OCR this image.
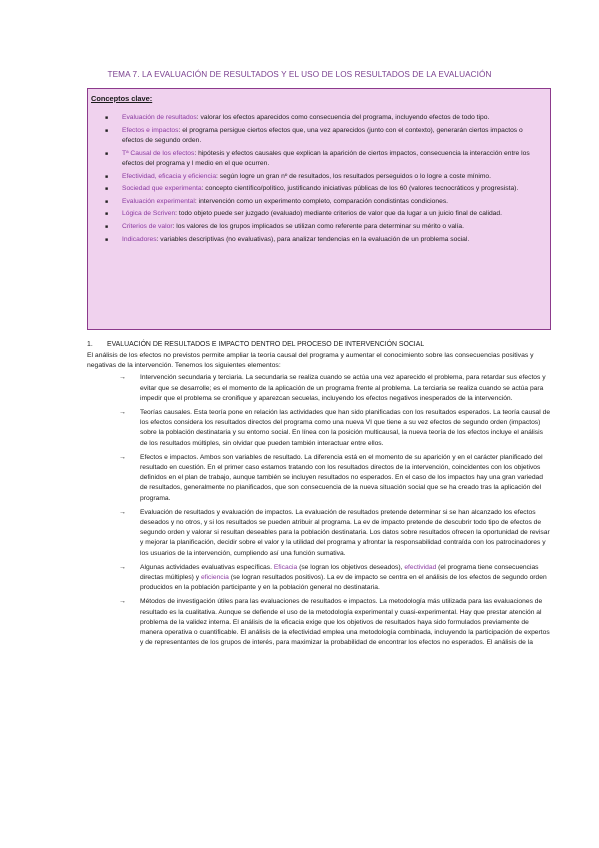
TEMA 7. LA EVALUACIÓN DE RESULTADOS Y EL USO DE LOS RESULTADOS DE LA EVALUACIÓN
Conceptos clave:
■ Evaluación de resultados: valorar los efectos aparecidos como consecuencia del programa, incluyendo efectos de todo tipo.
■ Efectos e impactos: el programa persigue ciertos efectos que, una vez aparecidos (junto con el contexto), generarán ciertos impactos o efectos de segundo orden.
■ Tª Causal de los efectos: hipótesis y efectos causales que explican la aparición de ciertos impactos, consecuencia la interacción entre los efectos del programa y l medio en el que ocurren.
■ Efectividad, eficacia y eficiencia: según logre un gran nº de resultados, los resultados perseguidos o lo logre a coste mínimo.
■ Sociedad que experimenta: concepto científico/político, justificando iniciativas públicas de los 60 (valores tecnocráticos y progresista).
■ Evaluación experimental: intervención como un experimento completo, comparación condistintas condiciones.
■ Lógica de Scriven: todo objeto puede ser juzgado (evaluado) mediante criterios de valor que da lugar a un juicio final de calidad.
■ Criterios de valor: los valores de los grupos implicados se utilizan como referente para determinar su mérito o valía.
■ Indicadores: variables descriptivas (no evaluativas), para analizar tendencias en la evaluación de un problema social.
1. EVALUACIÓN DE RESULTADOS E IMPACTO DENTRO DEL PROCESO DE INTERVENCIÓN SOCIAL
El análisis de los efectos no previstos permite ampliar la teoría causal del programa y aumentar el conocimiento sobre las consecuencias positivas y negativas de la intervención. Tenemos los siguientes elementos:
→ Intervención secundaria y terciaria. La secundaria se realiza cuando se actúa una vez aparecido el problema, para retardar sus efectos y evitar que se desarrolle; es el momento de la aplicación de un programa frente al problema. La terciaria se realiza cuando se actúa para impedir que el problema se cronifique y aparezcan secuelas, incluyendo los efectos negativos inesperados de la intervención.
→ Teorías causales. Esta teoría pone en relación las actividades que han sido planificadas con los resultados esperados. La teoría causal de los efectos considera los resultados directos del programa como una nueva VI que tiene a su vez efectos de segundo orden (impactos) sobre la población destinataria y su entorno social. En línea con la posición multicausal, la nueva teoría de los efectos incluye el análisis de los resultados múltiples, sin olvidar que pueden también interactuar entre ellos.
→ Efectos e impactos. Ambos son variables de resultado. La diferencia está en el momento de su aparición y en el carácter planificado del resultado en cuestión. En el primer caso estamos tratando con los resultados directos de la intervención, coincidentes con los objetivos definidos en el plan de trabajo, aunque también se incluyen resultados no esperados. En el caso de los impactos hay una gran variedad de resultados, generalmente no planificados, que son consecuencia de la nueva situación social que se ha creado tras la aplicación del programa.
→ Evaluación de resultados y evaluación de impactos. La evaluación de resultados pretende determinar si se han alcanzado los efectos deseados y no otros, y si los resultados se pueden atribuir al programa. La ev de impacto pretende de descubrir todo tipo de efectos de segundo orden y valorar si resultan deseables para la población destinataria. Los datos sobre resultados ofrecen la oportunidad de revisar y mejorar la planificación, decidir sobre el valor y la utilidad del programa y afrontar la responsabilidad contraída con los patrocinadores y los usuarios de la intervención, cumpliendo así una función sumativa.
→ Algunas actividades evaluativas específicas. Eficacia (se logran los objetivos deseados), efectividad (el programa tiene consecuencias directas múltiples) y eficiencia (se logran resultados positivos). La ev de impacto se centra en el análisis de los efectos de segundo orden producidos en la población participante y en la población general no destinataria.
→ Métodos de investigación útiles para las evaluaciones de resultados e impactos. La metodología más utilizada para las evaluaciones de resultado es la cualitativa. Aunque se defiende el uso de la metodología experimental y cuasi-experimental. Hay que prestar atención al problema de la validez interna. El análisis de la eficacia exige que los objetivos de resultados haya sido formulados previamente de manera operativa o cuantificable. El análisis de la efectividad emplea una metodología combinada, incluyendo la participación de expertos y de representantes de los grupos de interés, para maximizar la probabilidad de encontrar los efectos no esperados. El análisis de la
